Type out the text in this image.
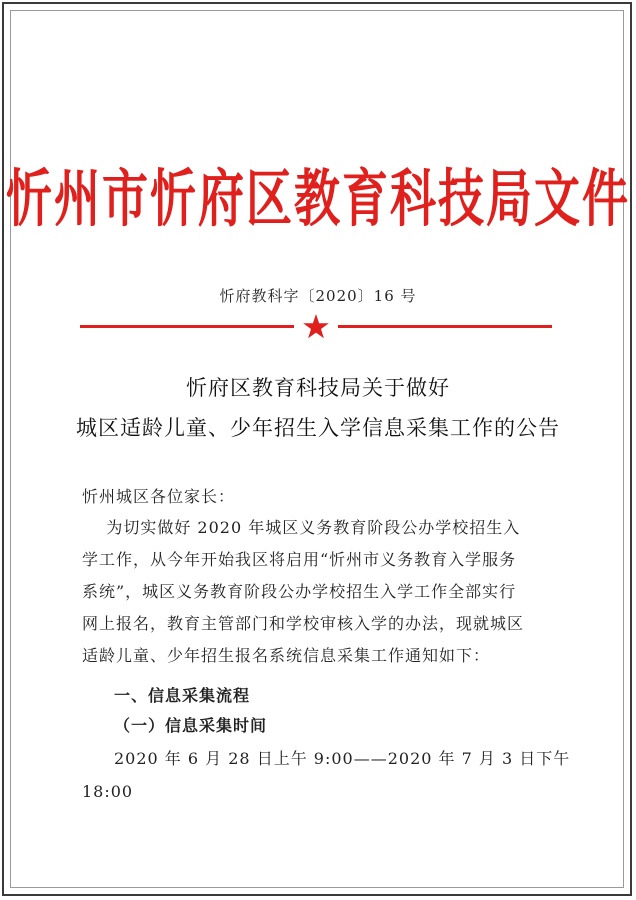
忻州市忻府区教育科技局文件
忻府教科字〔2020〕16 号
忻府区教育科技局关于做好
城区适龄儿童、少年招生入学信息采集工作的公告
忻州城区各位家长：
为切实做好 2020 年城区义务教育阶段公办学校招生入
学工作，从今年开始我区将启用“忻州市义务教育入学服务
系统”，城区义务教育阶段公办学校招生入学工作全部实行
网上报名，教育主管部门和学校审核入学的办法，现就城区
适龄儿童、少年招生报名系统信息采集工作通知如下：
一、信息采集流程
（一）信息采集时间
2020 年 6 月 28 日上午 9:00——2020 年 7 月 3 日下午
18:00
